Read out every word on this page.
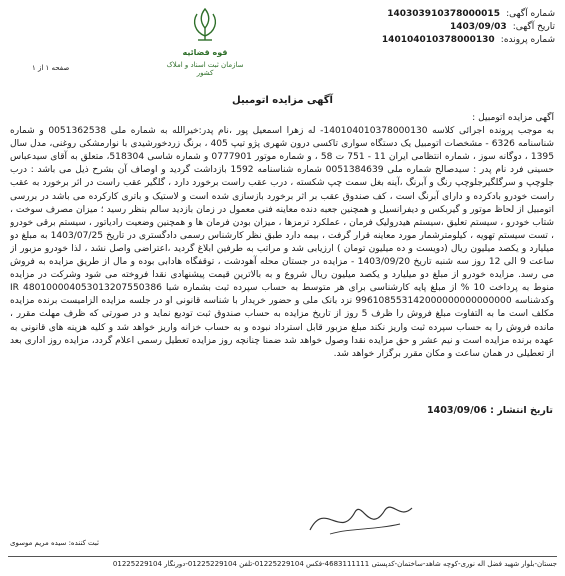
شماره آگهی: 140303910378000015
تاریخ آگهی: 1403/09/03
شماره پرونده: 140104010378000130
قوه قضائیه
سازمان ثبت اسناد و املاک کشور
صفحه ۱ از ۱
آگهی مزایده اتومبیل

آگهی مزایده اتومبیل :

به موجب پرونده اجرائی کلاسه 140104010378000130- له زهرا اسمعیل پور ،نام پدر:خیرالله به شماره ملی 0051362538 و شماره شناسنامه 6326 - مشخصات اتومبیل یک دستگاه سواری تاکسی درون شهری پژو تیپ 405 ، برنگ زردخورشیدی با نوارمشکی روغنی، مدل سال 1395 ، دوگانه سوز ، شماره انتظامی ایران 11 - 751 ت 58 ، و شماره موتور 0777901 و شماره شاسی 518304، متعلق به آقای سیدعباس حسینی فرد نام پدر : سیدصالح شماره ملی 0051384639 شماره شناسنامه 1592 بازداشت گردید و اوصاف آن بشرح ذیل می باشد : درب جلوچپ و سرگلگیرجلوچپ رنگ و آبرنگ ،آینه بغل سمت چپ شکسته ، درب عقب راست برخورد دارد ، گلگیر عقب راست در اثر برخورد به عقب راست خودرو بادکرده و دارای آبرنگ است ، کف صندوق عقب بر اثر برخورد بازسازی شده است و لاستیک و باتری کارکرده می باشد در بررسی اتومبیل از لحاظ موتور و گیربکس و دیفرانسیل و همچنین جعبه دنده معاینه فنی معمول در زمان بازدید سالم بنظر رسید ؛ میزان مصرف سوخت ، شتاب خودرو ، سیستم تعلیق ،سیستم هیدرولیک فرمان ، عملکرد ترمزها ، میزان بودن فرمان ها و همچنین وضعیت رادیاتور ، سیستم برقی خودرو ، تست سیستم تهویه ، کیلومترشمار مورد معاینه قرار گرفت ، بیمه دارد طبق نظر کارشناس رسمی دادگستری در تاریخ 1403/07/25 به مبلغ دو میلیارد و یکصد میلیون ریال (دویست و ده میلیون تومان ) ارزیابی شد و مراتب به طرفین ابلاغ گردید ،اعتراضی واصل نشد ، لذا خودرو مزبور از ساعت 9 الی 12 روز سه شنبه تاریخ 1403/09/20 - مزایده در جستان محله آهودشت ، توقفگاه هادابی بوده و مال از طریق مزایده به فروش می رسد. مزایده خودرو از مبلغ دو میلیارد و یکصد میلیون ریال شروع و به بالاترین قیمت پیشنهادی نقدا فروخته می شود وشرکت در مزایده منوط به پرداخت 10 % از مبلغ پایه کارشناسی برای هر متوسط به حساب سپرده ثبت بشماره شبا IR 480100004053013207550386 وکدشناسه 996108553142000000000000000 نزد بانک ملی و حضور خریدار با شناسه قانونی او در جلسه مزایده الزامیست برنده مزایده مکلف است ما به التفاوت مبلغ فروش را ظرف 5 روز از تاریخ مزایده به حساب صندوق ثبت تودیع نماید و در صورتی که ظرف مهلت مقرر ، مانده فروش را به حساب سپرده ثبت واریز نکند مبلغ مزبور قابل استرداد نبوده و به حساب خزانه واریز خواهد شد و کلیه هزینه های قانونی به عهده برنده مزایده است و نیم عشر و حق مزایده نقدا وصول خواهد شد ضمنا چنانچه روز مزایده تعطیل رسمی اعلام گردد، مزایده روز اداری بعد از تعطیلی در همان ساعت و مکان مقرر برگزار خواهد شد.

تاریخ انتشار : 1403/09/06
ثبت کننده: سیده مریم موسوی
جستان-بلوار شهید فضل اله نوری-کوچه شاهد-ساختمان-کدپستی 4683111111-فکس 01225229104-تلفن 01225229104-دورنگار 01225229104
